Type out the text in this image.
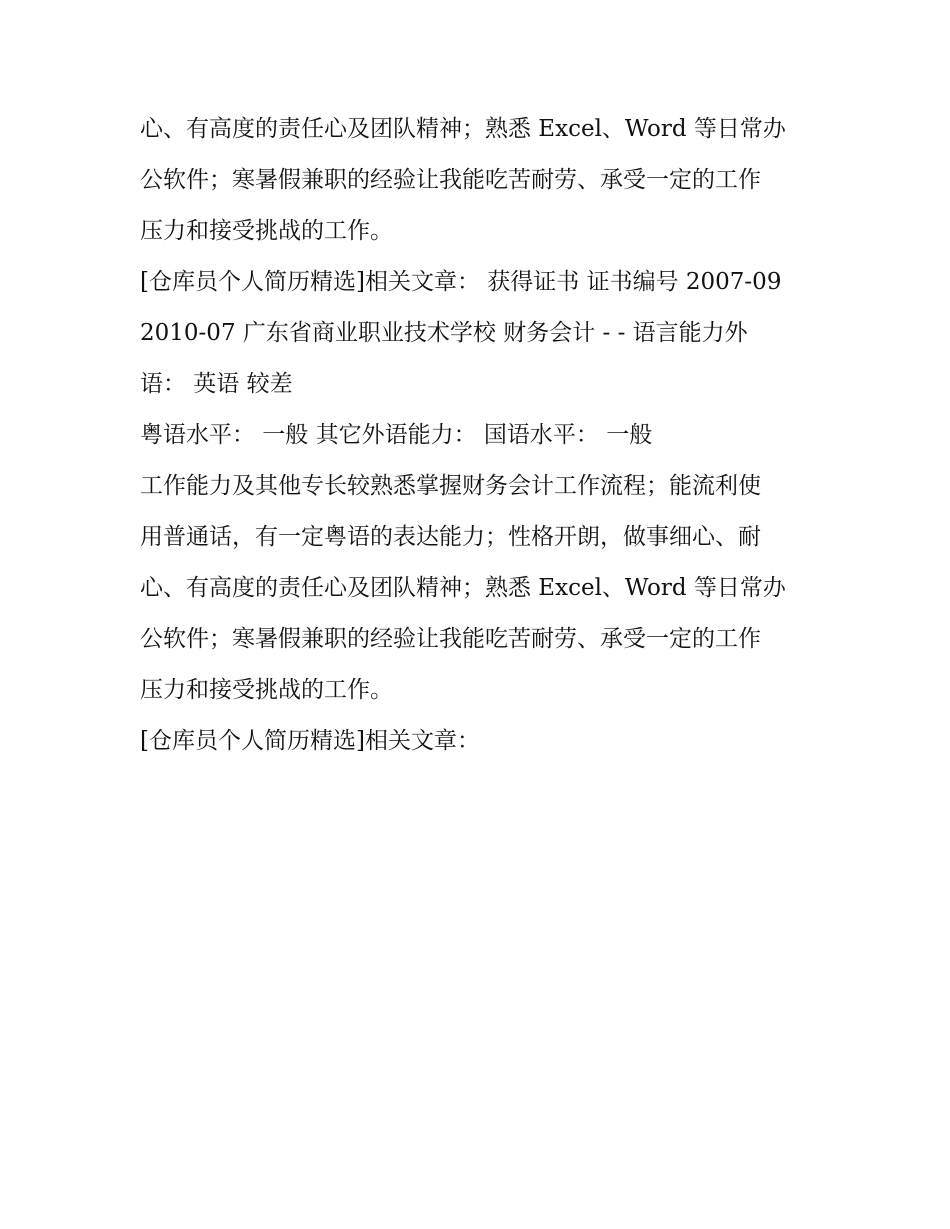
心、有高度的责任心及团队精神；熟悉 Excel、Word 等日常办
公软件；寒暑假兼职的经验让我能吃苦耐劳、承受一定的工作
压力和接受挑战的工作。
[仓库员个人简历精选]相关文章： 获得证书 证书编号 2007-09
2010-07 广东省商业职业技术学校 财务会计 - - 语言能力外
语： 英语 较差
粤语水平： 一般 其它外语能力： 国语水平： 一般
工作能力及其他专长较熟悉掌握财务会计工作流程；能流利使
用普通话，有一定粤语的表达能力；性格开朗，做事细心、耐
心、有高度的责任心及团队精神；熟悉 Excel、Word 等日常办
公软件；寒暑假兼职的经验让我能吃苦耐劳、承受一定的工作
压力和接受挑战的工作。
[仓库员个人简历精选]相关文章：
